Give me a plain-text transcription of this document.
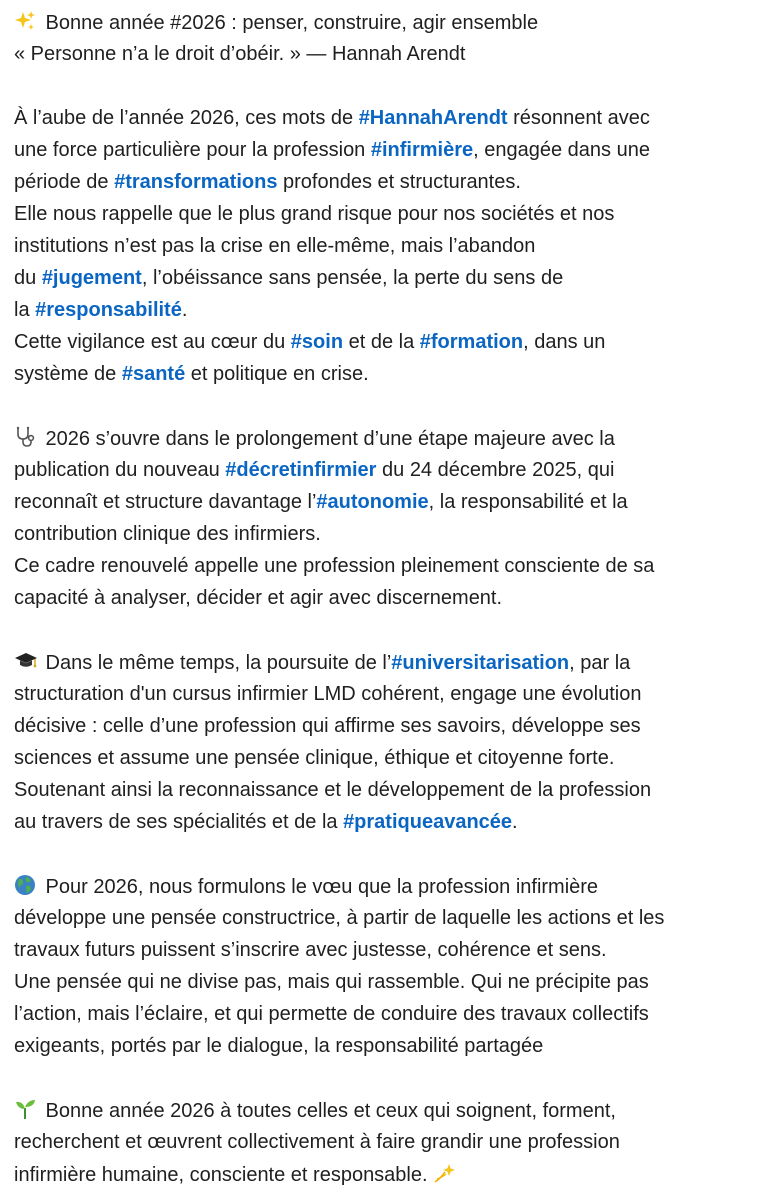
Bonne année #2026 : penser, construire, agir ensemble
« Personne n’a le droit d’obéir. » — Hannah Arendt
À l’aube de l’année 2026, ces mots de #HannahArendt résonnent avec
une force particulière pour la profession #infirmière, engagée dans une
période de #transformations profondes et structurantes.
Elle nous rappelle que le plus grand risque pour nos sociétés et nos
institutions n’est pas la crise en elle-même, mais l’abandon
du #jugement, l’obéissance sans pensée, la perte du sens de
la #responsabilité.
Cette vigilance est au cœur du #soin et de la #formation, dans un
système de #santé et politique en crise.
2026 s’ouvre dans le prolongement d’une étape majeure avec la
publication du nouveau #décretinfirmier du 24 décembre 2025, qui
reconnaît et structure davantage l’#autonomie, la responsabilité et la
contribution clinique des infirmiers.
Ce cadre renouvelé appelle une profession pleinement consciente de sa
capacité à analyser, décider et agir avec discernement.
Dans le même temps, la poursuite de l’#universitarisation, par la
structuration d'un cursus infirmier LMD cohérent, engage une évolution
décisive : celle d’une profession qui affirme ses savoirs, développe ses
sciences et assume une pensée clinique, éthique et citoyenne forte.
Soutenant ainsi la reconnaissance et le développement de la profession
au travers de ses spécialités et de la #pratiqueavancée.
Pour 2026, nous formulons le vœu que la profession infirmière
développe une pensée constructrice, à partir de laquelle les actions et les
travaux futurs puissent s’inscrire avec justesse, cohérence et sens.
Une pensée qui ne divise pas, mais qui rassemble. Qui ne précipite pas
l’action, mais l’éclaire, et qui permette de conduire des travaux collectifs
exigeants, portés par le dialogue, la responsabilité partagée
Bonne année 2026 à toutes celles et ceux qui soignent, forment,
recherchent et œuvrent collectivement à faire grandir une profession
infirmière humaine, consciente et responsable.
